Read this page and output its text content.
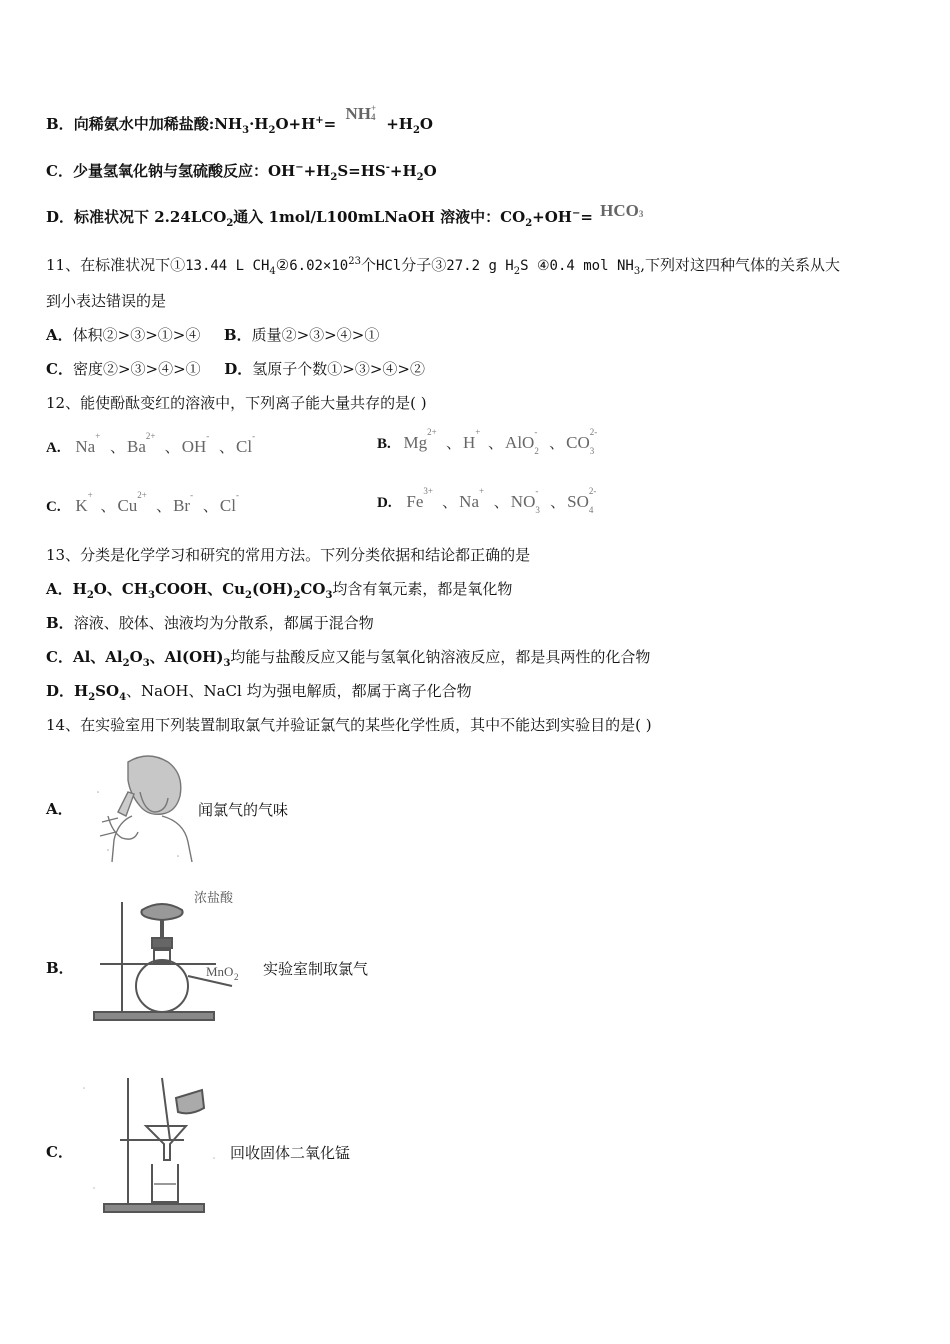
B．向稀氨水中加稀盐酸$:NH_3\cdot H_2O+H^+=$ NH +
$4 +H_2O$
C．少量氢氧化钠与氢硫酸反应：$OH^-+H_2S=HS^-+H_2O$
D．标准状况下 $2.24LCO_2$通入 1mol/L100mLNaOH 溶液中：$CO_2+OH^-=$ HCO 3
11、在标准状况下①13.44 L $CH_4②6.02\times 10^{23}$个HCl分子③27.2 g $H_2S$ ④0.4 mol $NH_3$,下列对这四种气体的关系从大
到小表达错误的是
A．体积②>③>①>④ B．质量②>③>④>①
C．密度②>③>④>① D．氢原子个数①>③>④>②
12、能使酚酞变红的溶液中，下列离子能大量共存的是( )
A. Na
+
、 Ba
2+
、 OH
-
、 Cl
-	B. Mg
2+
、 H
+
、 AlO
-
2 、 CO
2-
3
C. K
+
、 Cu
2+
、 Br
-
、 Cl
-	D. Fe
3+
、 Na
+
、 NO
-
3 、 SO
2-
4
13、分类是化学学习和研究的常用方法。下列分类依据和结论都正确的是
A．$H_2O$、$CH_3COOH$、$Cu_2(OH)_2CO_3$均含有氧元素，都是氧化物
B．溶液、胶体、浊液均为分散系，都属于混合物
C．Al、$Al_2O_3$、$Al(OH)_3$均能与盐酸反应又能与氢氧化钠溶液反应，都是具两性的化合物
D．$H_2SO_4$、NaOH、NaCl 均为强电解质，都属于离子化合物
14、在实验室用下列装置制取氯气并验证氯气的某些化学性质，其中不能达到实验目的是( )
A．	闻氯气的气味
B．
浓盐酸
MnO 2 实验室制取氯气
C．	回收固体二氧化锰
